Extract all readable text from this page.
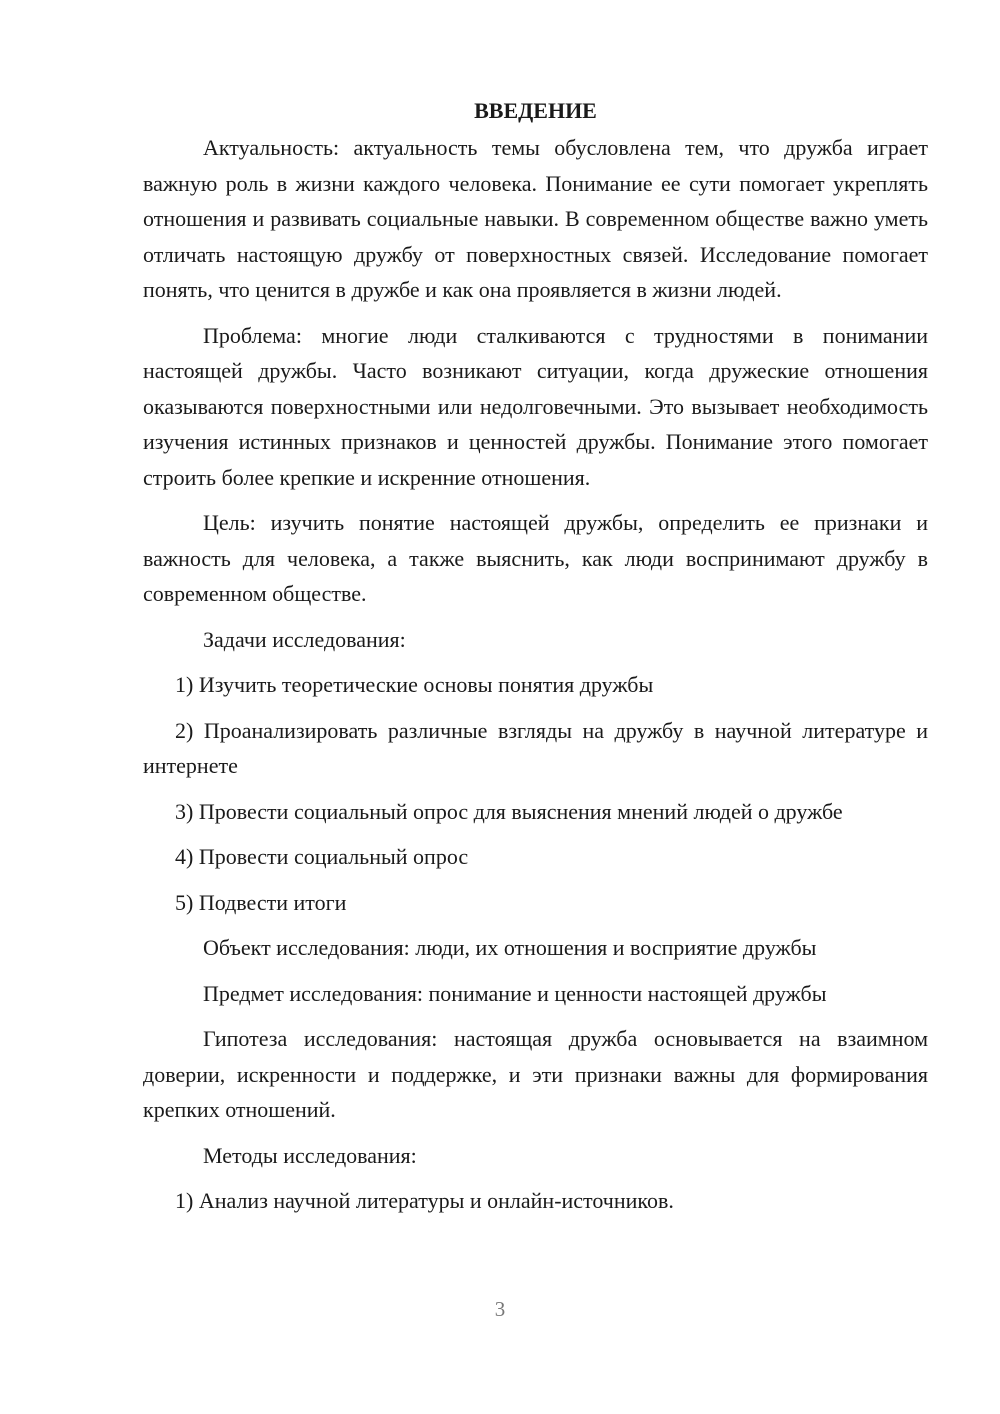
ВВЕДЕНИЕ

Актуальность: актуальность темы обусловлена тем, что дружба играет важную роль в жизни каждого человека. Понимание ее сути помогает укреплять отношения и развивать социальные навыки. В современном обществе важно уметь отличать настоящую дружбу от поверхностных связей. Исследование помогает понять, что ценится в дружбе и как она проявляется в жизни людей.

Проблема: многие люди сталкиваются с трудностями в понимании настоящей дружбы. Часто возникают ситуации, когда дружеские отношения оказываются поверхностными или недолговечными. Это вызывает необходимость изучения истинных признаков и ценностей дружбы. Понимание этого помогает строить более крепкие и искренние отношения.

Цель: изучить понятие настоящей дружбы, определить ее признаки и важность для человека, а также выяснить, как люди воспринимают дружбу в современном обществе.

Задачи исследования:

1) Изучить теоретические основы понятия дружбы

2) Проанализировать различные взгляды на дружбу в научной литературе и интернете

3) Провести социальный опрос для выяснения мнений людей о дружбе

4) Провести социальный опрос

5) Подвести итоги

Объект исследования: люди, их отношения и восприятие дружбы

Предмет исследования: понимание и ценности настоящей дружбы

Гипотеза исследования: настоящая дружба основывается на взаимном доверии, искренности и поддержке, и эти признаки важны для формирования крепких отношений.

Методы исследования:

1) Анализ научной литературы и онлайн-источников.

3
